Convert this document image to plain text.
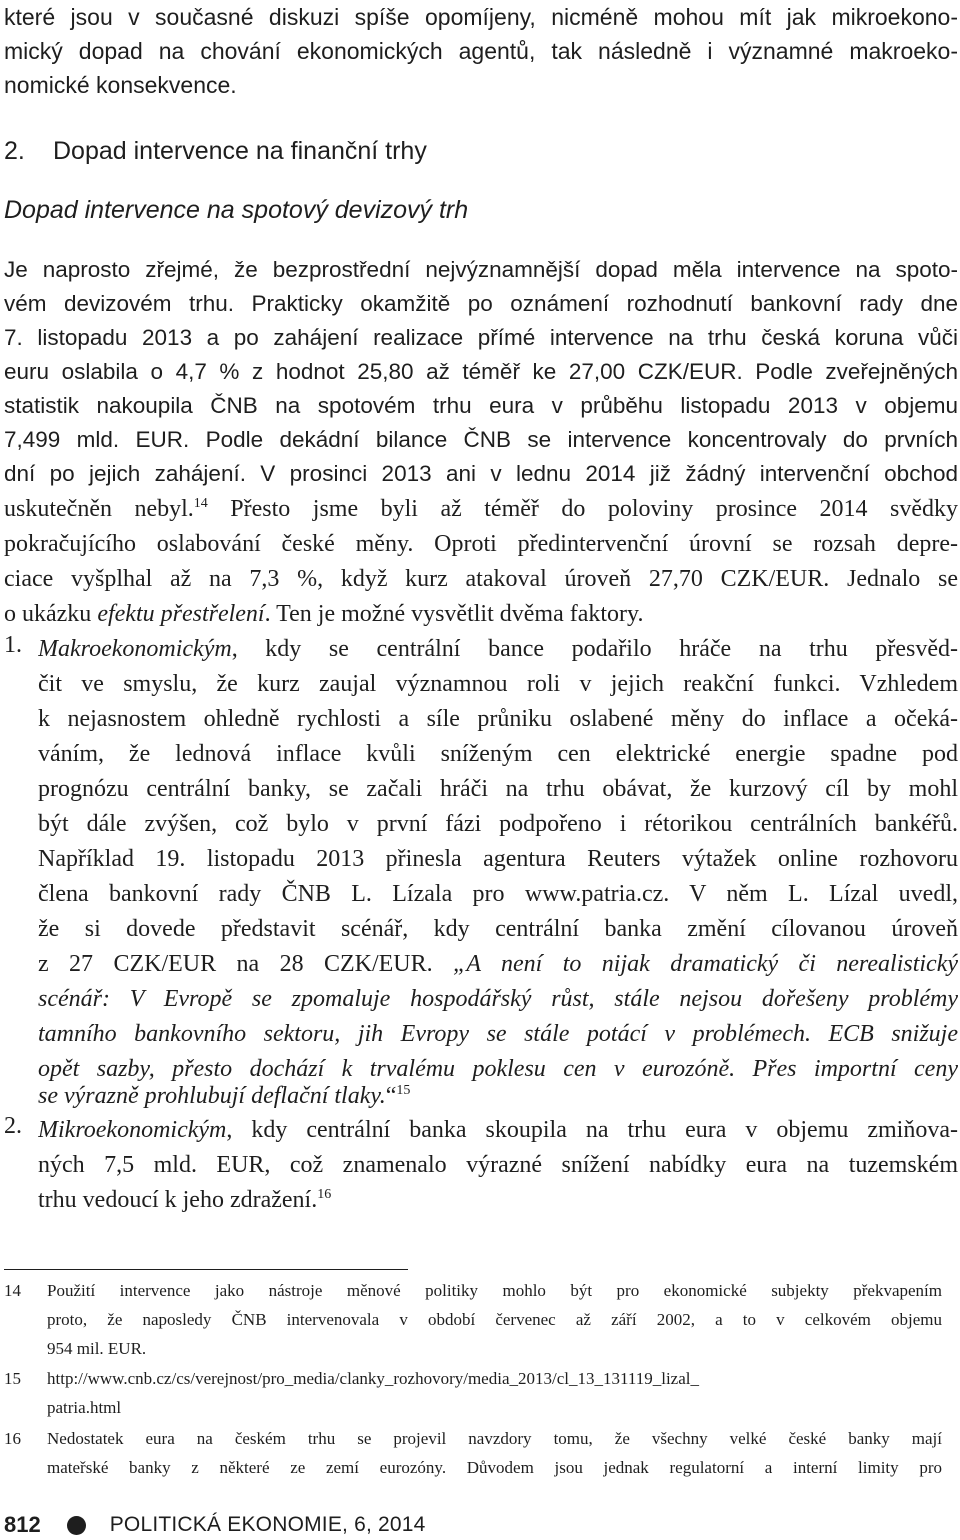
které jsou v současné diskuzi spíše opomíjeny, nicméně mohou mít jak mikroekono-
mický dopad na chování ekonomických agentů, tak následně i významné makroeko-
nomické konsekvence.
2. Dopad intervence na finanční trhy
Dopad intervence na spotový devizový trh
Je naprosto zřejmé, že bezprostřední nejvýznamnější dopad měla intervence na spoto-
vém devizovém trhu. Prakticky okamžitě po oznámení rozhodnutí bankovní rady dne
7. listopadu 2013 a po zahájení realizace přímé intervence na trhu česká koruna vůči
euru oslabila o 4,7 % z hodnot 25,80 až téměř ke 27,00 CZK/EUR. Podle zveřejněných
statistik nakoupila ČNB na spotovém trhu eura v průběhu listopadu 2013 v objemu
7,499 mld. EUR. Podle dekádní bilance ČNB se intervence koncentrovaly do prvních
dní po jejich zahájení. V prosinci 2013 ani v lednu 2014 již žádný intervenční obchod
uskutečněn nebyl.$^{14}$ Přesto jsme byli až téměř do poloviny prosince 2014 svědky
pokračujícího oslabování české měny. Oproti předintervenční úrovní se rozsah depre-
ciace vyšplhal až na 7,3 %, když kurz atakoval úroveň 27,70 CZK/EUR. Jednalo se
o ukázku efektu přestřelení. Ten je možné vysvětlit dvěma faktory.
1. Makroekonomickým, kdy se centrální bance podařilo hráče na trhu přesvěd-
čit ve smyslu, že kurz zaujal významnou roli v jejich reakční funkci. Vzhledem
k nejasnostem ohledně rychlosti a síle průniku oslabené měny do inflace a očeká-
váním, že lednová inflace kvůli sníženým cen elektrické energie spadne pod
prognózu centrální banky, se začali hráči na trhu obávat, že kurzový cíl by mohl
být dále zvýšen, což bylo v první fázi podpořeno i rétorikou centrálních bankéřů.
Například 19. listopadu 2013 přinesla agentura Reuters výtažek online rozhovoru
člena bankovní rady ČNB L. Lízala pro www.patria.cz. V něm L. Lízal uvedl,
že si dovede představit scénář, kdy centrální banka změní cílovanou úroveň
z 27 CZK/EUR na 28 CZK/EUR. „A není to nijak dramatický či nerealistický
scénář: V Evropě se zpomaluje hospodářský růst, stále nejsou dořešeny problémy
tamního bankovního sektoru, jih Evropy se stále potácí v problémech. ECB snižuje
opět sazby, přesto dochází k trvalému poklesu cen v eurozóně. Přes importní ceny
se výrazně prohlubují deflační tlaky.“$^{15}$
2. Mikroekonomickým, kdy centrální banka skoupila na trhu eura v objemu zmiňova-
ných 7,5 mld. EUR, což znamenalo výrazné snížení nabídky eura na tuzemském
trhu vedoucí k jeho zdražení.$^{16}$
14 Použití intervence jako nástroje měnové politiky mohlo být pro ekonomické subjekty překvapením
proto, že naposledy ČNB intervenovala v období červenec až září 2002, a to v celkovém objemu
954 mil. EUR.
15 http://www.cnb.cz/cs/verejnost/pro_media/clanky_rozhovory/media_2013/cl_13_131119_lizal_
patria.html
16 Nedostatek eura na českém trhu se projevil navzdory tomu, že všechny velké české banky mají
mateřské banky z některé ze zemí eurozóny. Důvodem jsou jednak regulatorní a interní limity pro
812	POLITICKÁ EKONOMIE, 6, 2014
